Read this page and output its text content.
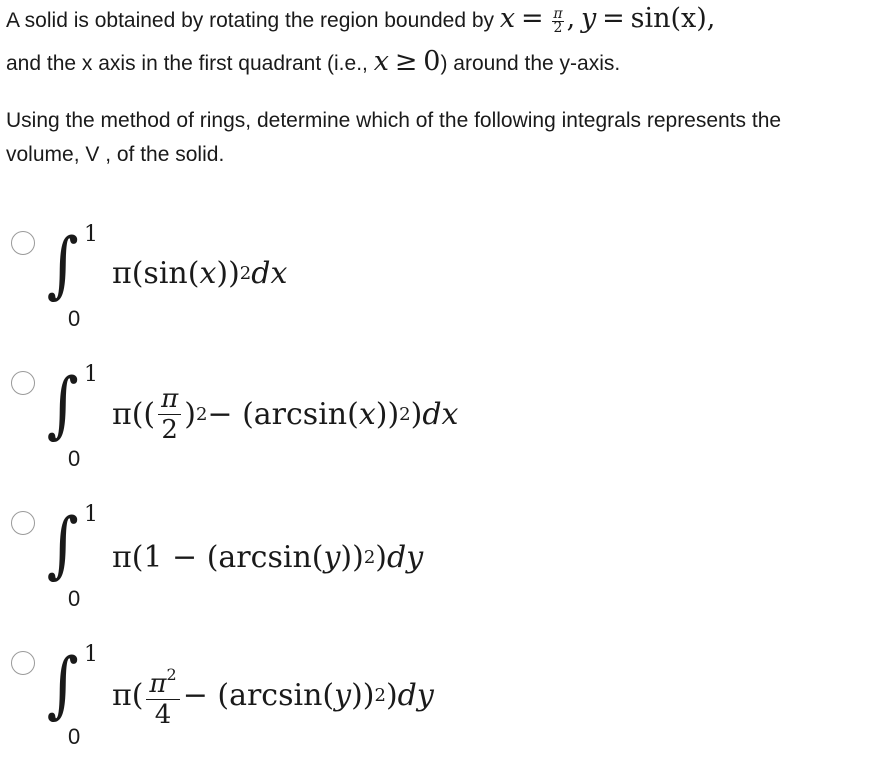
A solid is obtained by rotating the region bounded by $x = \frac{\pi}{2}$ , y = sin(x),
and the x axis in the first quadrant (i.e., x ≥ 0) around the y-axis.
Using the method of rings, determine which of the following integrals represents the
volume, V , of the solid.
∫ 1
0
π(sin( x )) 2 dx
∫ 1
0
$\pi(( \frac{\pi}{2}$ ) 2 − (arcsin( x )) 2 ) dx
∫ 1
0
π(1 − (arcsin( y )) 2 ) dy
∫ 1
0
$\pi( \frac{\pi^2}{4} - (\arcsin$( y )) 2 ) dy
